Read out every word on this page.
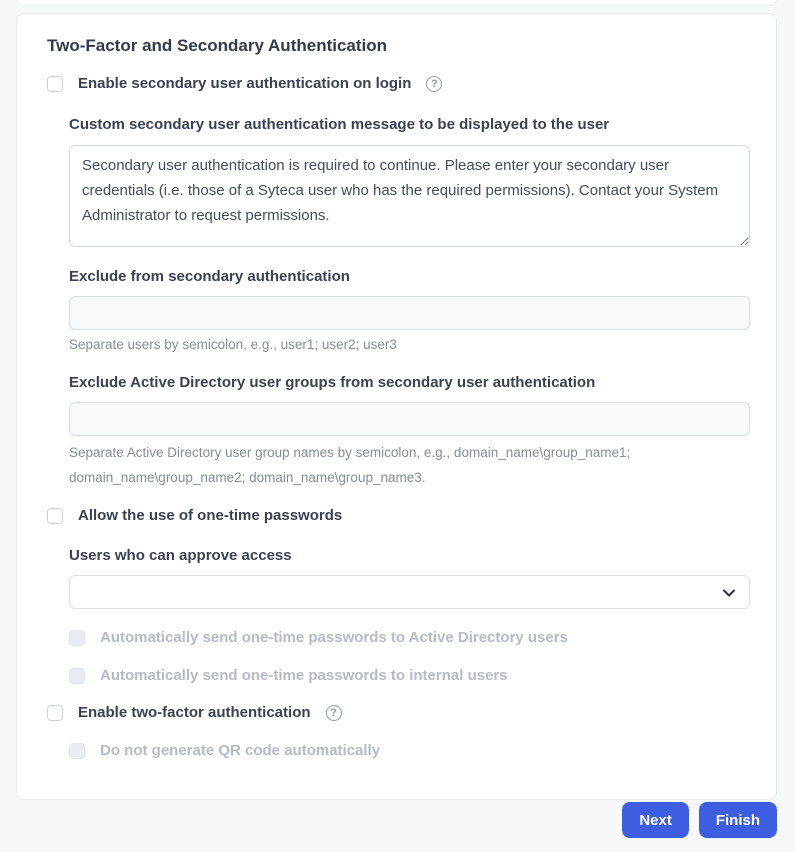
Two-Factor and Secondary Authentication
Enable secondary user authentication on login	?
Custom secondary user authentication message to be displayed to the user
Secondary user authentication is required to continue. Please enter your secondary user credentials (i.e. those of a Syteca user who has the required permissions). Contact your System Administrator to request permissions.
Exclude from secondary authentication
Separate users by semicolon, e.g., user1; user2; user3
Exclude Active Directory user groups from secondary user authentication
Separate Active Directory user group names by semicolon, e.g., domain_name\group_name1;
domain_name\group_name2; domain_name\group_name3.
Allow the use of one-time passwords
Users who can approve access
Automatically send one-time passwords to Active Directory users
Automatically send one-time passwords to internal users
Enable two-factor authentication	?
Do not generate QR code automatically
Next	Finish
